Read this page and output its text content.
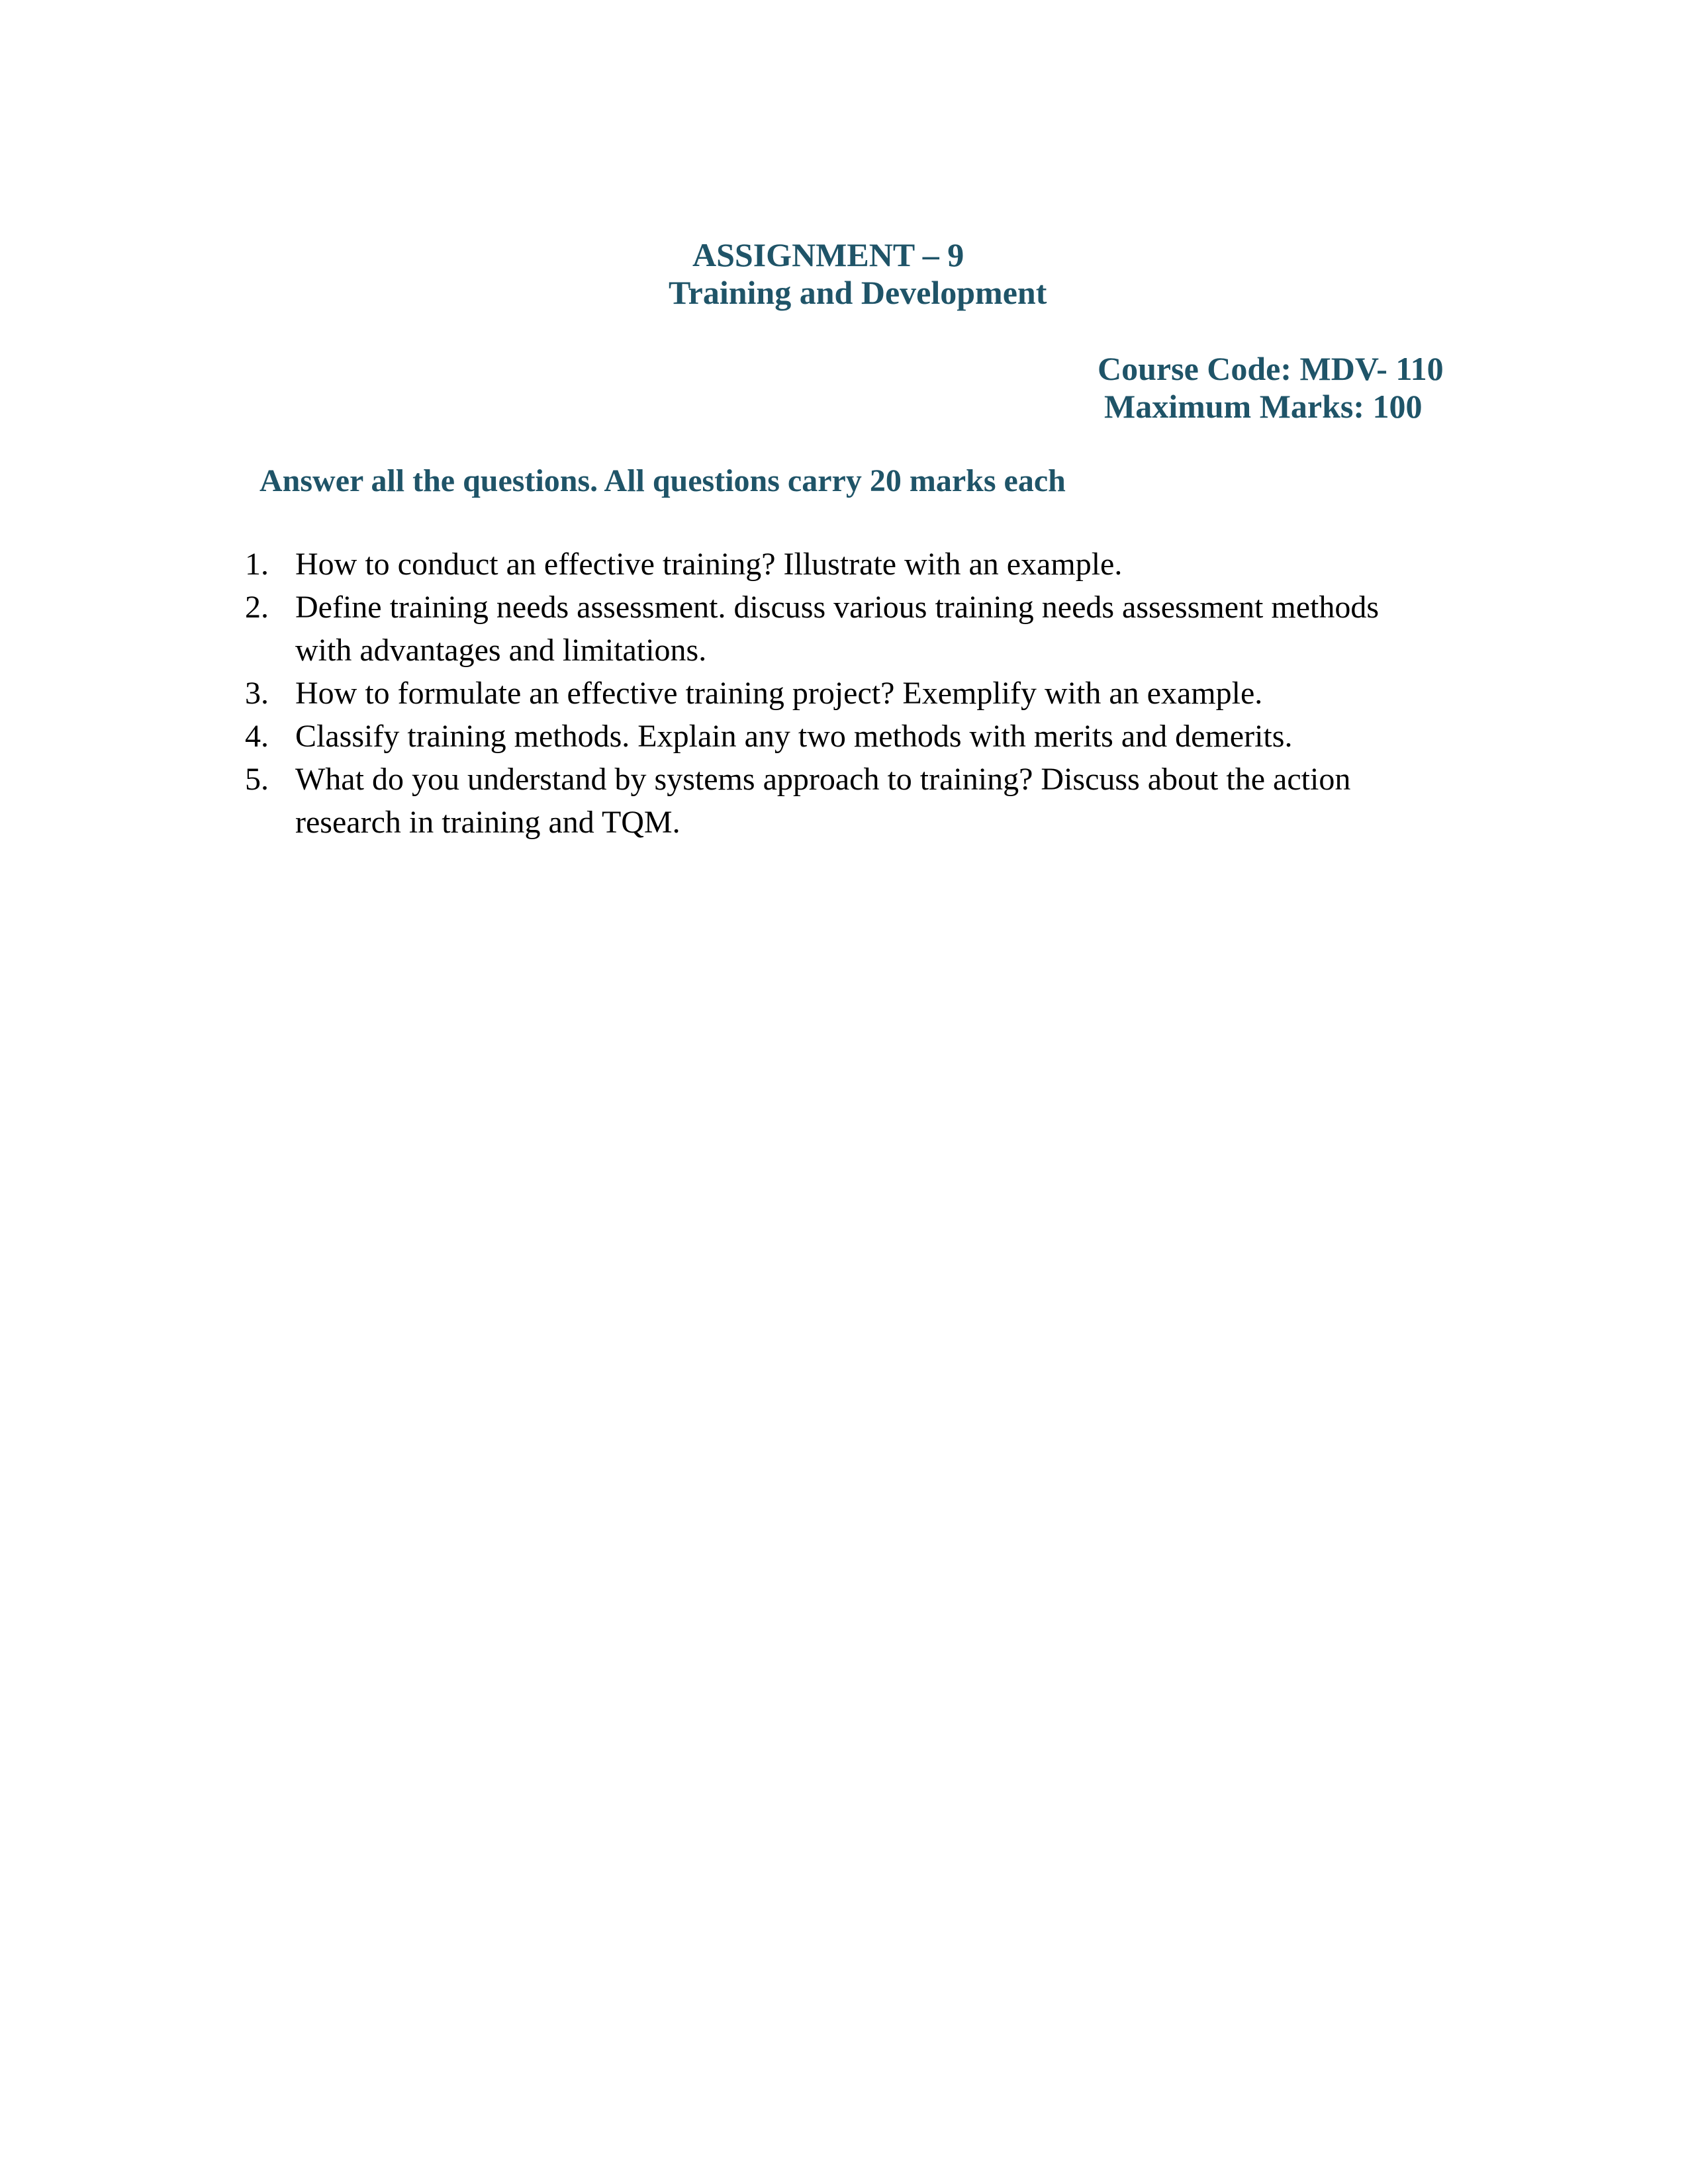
ASSIGNMENT – 9
Training and Development
Course Code: MDV- 110
Maximum Marks: 100
Answer all the questions. All questions carry 20 marks each
1. How to conduct an effective training? Illustrate with an example.
2. Define training needs assessment. discuss various training needs assessment methods with advantages and limitations.
3. How to formulate an effective training project? Exemplify with an example.
4. Classify training methods. Explain any two methods with merits and demerits.
5. What do you understand by systems approach to training? Discuss about the action research in training and TQM.
